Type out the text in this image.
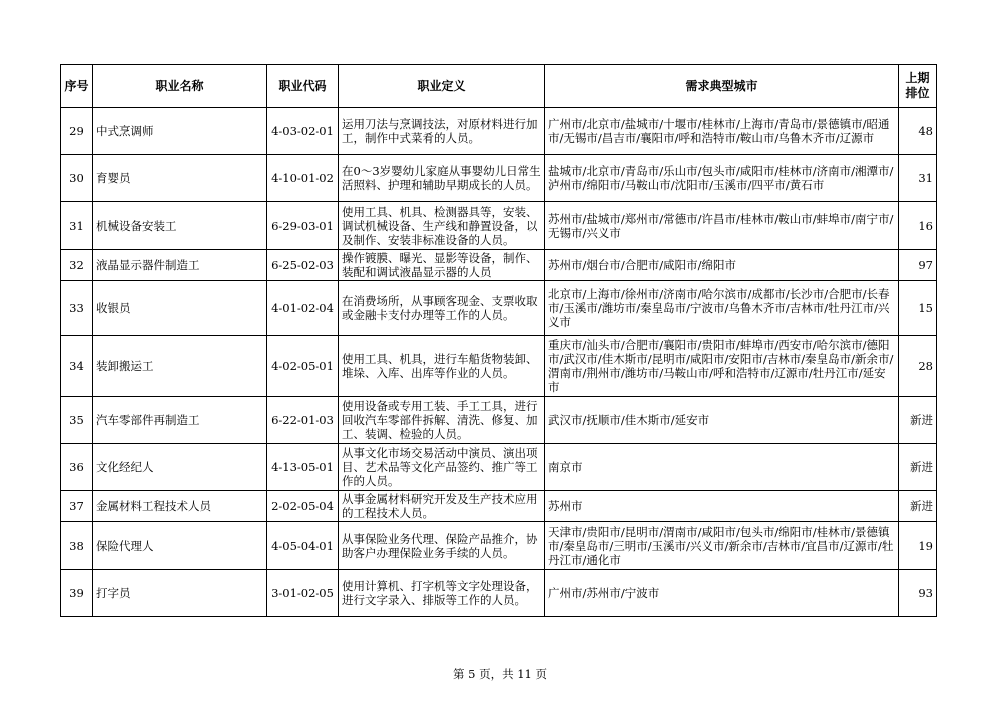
序号	职业名称	职业代码	职业定义	需求典型城市	上期
排位
29	中式烹调师	4-03-02-01	运用刀法与烹调技法，对原材料进行加工，制作中式菜肴的人员。	广州市/北京市/盐城市/十堰市/桂林市/上海市/青岛市/景德镇市/昭通市/无锡市/昌吉市/襄阳市/呼和浩特市/鞍山市/乌鲁木齐市/辽源市	48
30	育婴员	4-10-01-02	在0～3岁婴幼儿家庭从事婴幼儿日常生活照料、护理和辅助早期成长的人员。	盐城市/北京市/青岛市/乐山市/包头市/咸阳市/桂林市/济南市/湘潭市/泸州市/绵阳市/马鞍山市/沈阳市/玉溪市/四平市/黄石市	31
31	机械设备安装工	6-29-03-01	使用工具、机具、检测器具等，安装、调试机械设备、生产线和静置设备，以及制作、安装非标准设备的人员。	苏州市/盐城市/郑州市/常德市/许昌市/桂林市/鞍山市/蚌埠市/南宁市/无锡市/兴义市	16
32	液晶显示器件制造工	6-25-02-03	操作镀膜、曝光、显影等设备，制作、装配和调试液晶显示器的人员	苏州市/烟台市/合肥市/咸阳市/绵阳市	97
33	收银员	4-01-02-04	在消费场所，从事顾客现金、支票收取或金融卡支付办理等工作的人员。	北京市/上海市/徐州市/济南市/哈尔滨市/成都市/长沙市/合肥市/长春市/玉溪市/潍坊市/秦皇岛市/宁波市/乌鲁木齐市/吉林市/牡丹江市/兴义市	15
34	装卸搬运工	4-02-05-01	使用工具、机具，进行车船货物装卸、堆垛、入库、出库等作业的人员。	重庆市/汕头市/合肥市/襄阳市/贵阳市/蚌埠市/西安市/哈尔滨市/德阳市/武汉市/佳木斯市/昆明市/咸阳市/安阳市/吉林市/秦皇岛市/新余市/渭南市/荆州市/潍坊市/马鞍山市/呼和浩特市/辽源市/牡丹江市/延安市	28
35	汽车零部件再制造工	6-22-01-03	使用设备或专用工装、手工工具，进行回收汽车零部件拆解、清洗、修复、加工、装调、检验的人员。	武汉市/抚顺市/佳木斯市/延安市	新进
36	文化经纪人	4-13-05-01	从事文化市场交易活动中演员、演出项目、艺术品等文化产品签约、推广等工作的人员。	南京市	新进
37	金属材料工程技术人员	2-02-05-04	从事金属材料研究开发及生产技术应用的工程技术人员。	苏州市	新进
38	保险代理人	4-05-04-01	从事保险业务代理、保险产品推介，协助客户办理保险业务手续的人员。	天津市/贵阳市/昆明市/渭南市/咸阳市/包头市/绵阳市/桂林市/景德镇市/秦皇岛市/三明市/玉溪市/兴义市/新余市/吉林市/宜昌市/辽源市/牡丹江市/通化市	19
39	打字员	3-01-02-05	使用计算机、打字机等文字处理设备，进行文字录入、排版等工作的人员。	广州市/苏州市/宁波市	93
第 5 页，共 11 页
